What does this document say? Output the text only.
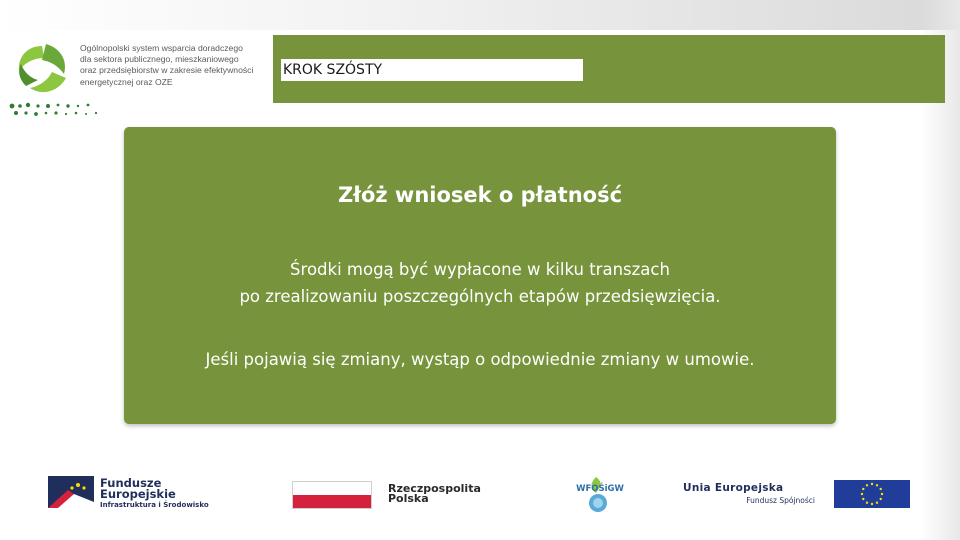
Ogólnopolski system wsparcia doradczego
dla sektora publicznego, mieszkaniowego
oraz przedsiębiorstw w zakresie efektywności
energetycznej oraz OZE
KROK SZÓSTY
Złóż wniosek o płatność
Środki mogą być wypłacone w kilku transzach
po zrealizowaniu poszczególnych etapów przedsięwzięcia.
Jeśli pojawią się zmiany, wystąp o odpowiednie zmiany w umowie.
Fundusze
Europejskie
Infrastruktura i Środowisko
Rzeczpospolita
Polska
WFOŚiGW	Unia Europejska
Fundusz Spójności
